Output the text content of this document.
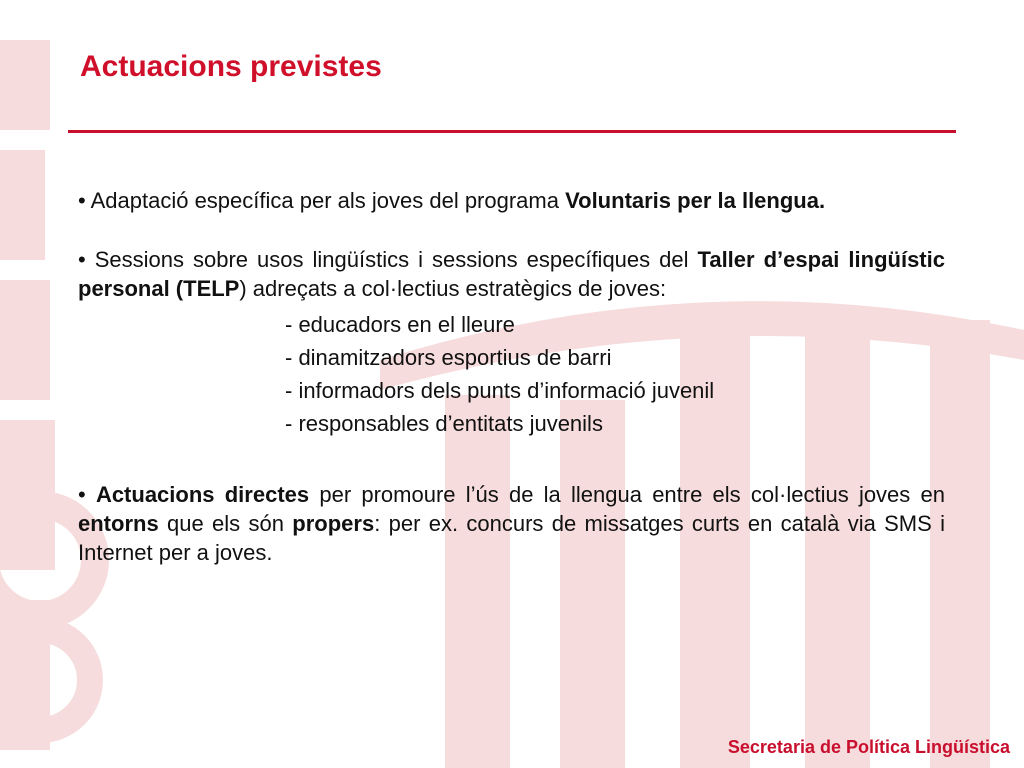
Actuacions previstes

• Adaptació específica per als joves del programa Voluntaris per la llengua.

• Sessions sobre usos lingüístics i sessions específiques del Taller d’espai lingüístic personal (TELP) adreçats a col·lectius estratègics de joves:

- educadors en el lleure
- dinamitzadors esportius de barri
- informadors dels punts d’informació juvenil
- responsables d’entitats juvenils

• Actuacions directes per promoure l’ús de la llengua entre els col·lectius joves en entorns que els són propers: per ex. concurs de missatges curts en català via SMS i Internet per a joves.

Secretaria de Política Lingüística
